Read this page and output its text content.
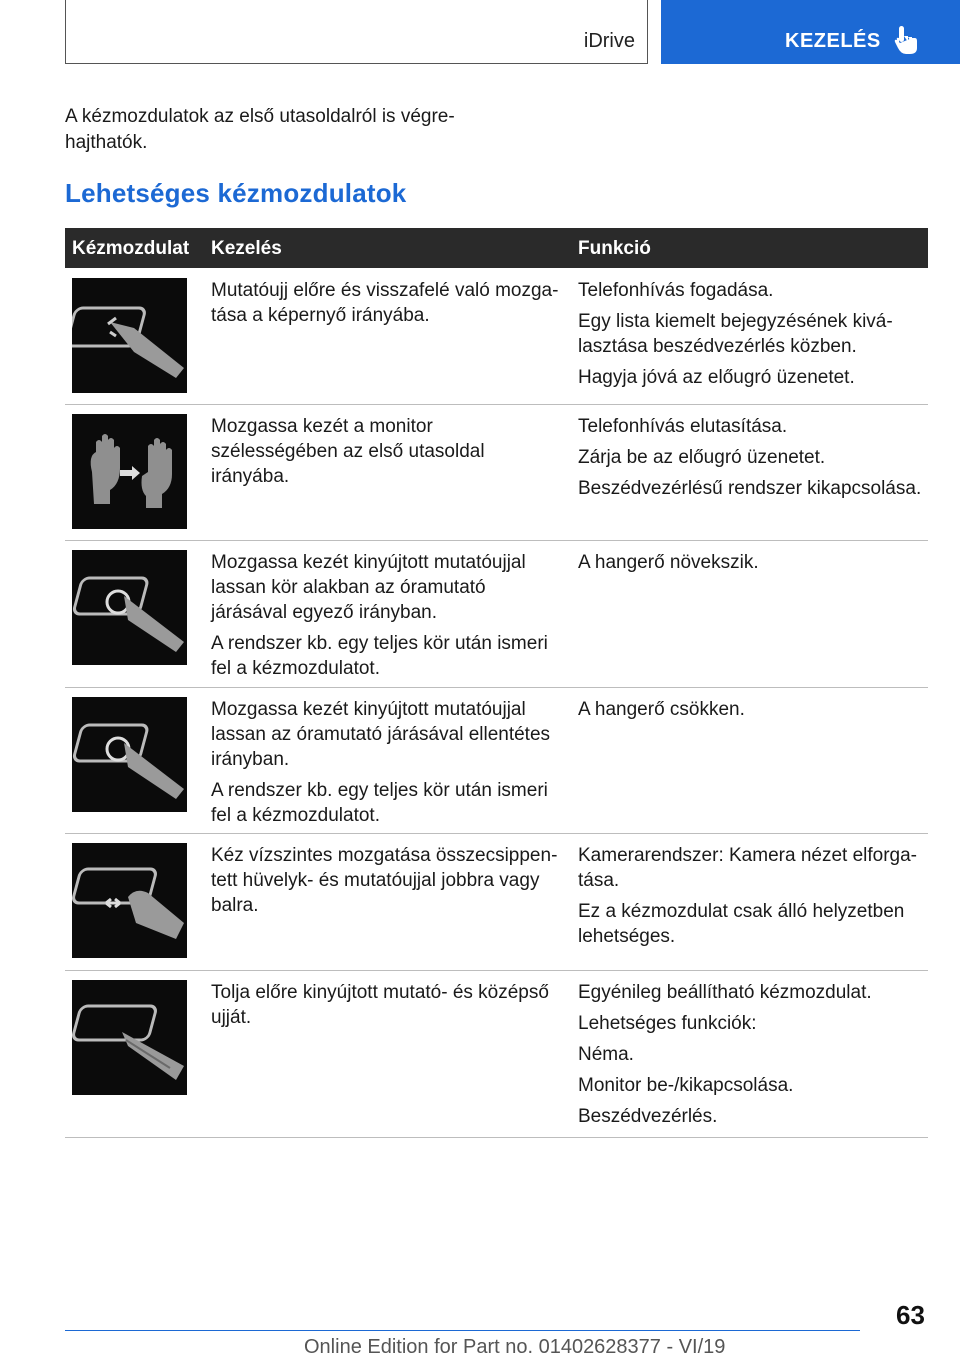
iDrive	KEZELÉS
A kézmozdulatok az első utasoldalról is végrehajthatók.
Lehetséges kézmozdulatok
Kézmozdulat Kezelés	Funkció

Mutatóujj előre és visszafelé való mozgatása a képernyő irányába.

Telefonhívás fogadása.

Egy lista kiemelt bejegyzésének kiválasztása beszédvezérlés közben.

Hagyja jóvá az előugró üzenetet.

Mozgassa kezét a monitor szélességében az első utasoldal irányába.

Telefonhívás elutasítása.

Zárja be az előugró üzenetet.

Beszédvezérlésű rendszer kikapcsolása.

Mozgassa kezét kinyújtott mutatóujjal lassan kör alakban az óramutató járásával egyező irányban.

A rendszer kb. egy teljes kör után ismeri fel a kézmozdulatot.

A hangerő növekszik.

Mozgassa kezét kinyújtott mutatóujjal lassan az óramutató járásával ellentétes irányban.

A rendszer kb. egy teljes kör után ismeri fel a kézmozdulatot.

A hangerő csökken.

Kéz vízszintes mozgatása összecsippentett hüvelyk- és mutatóujjal jobbra vagy balra.

Kamerarendszer: Kamera nézet elforgatása.

Ez a kézmozdulat csak álló helyzetben lehetséges.

Tolja előre kinyújtott mutató- és középső ujját.

Egyénileg beállítható kézmozdulat.

Lehetséges funkciók:

Néma.

Monitor be-/kikapcsolása.

Beszédvezérlés.

63
Online Edition for Part no. 01402628377 - VI/19
